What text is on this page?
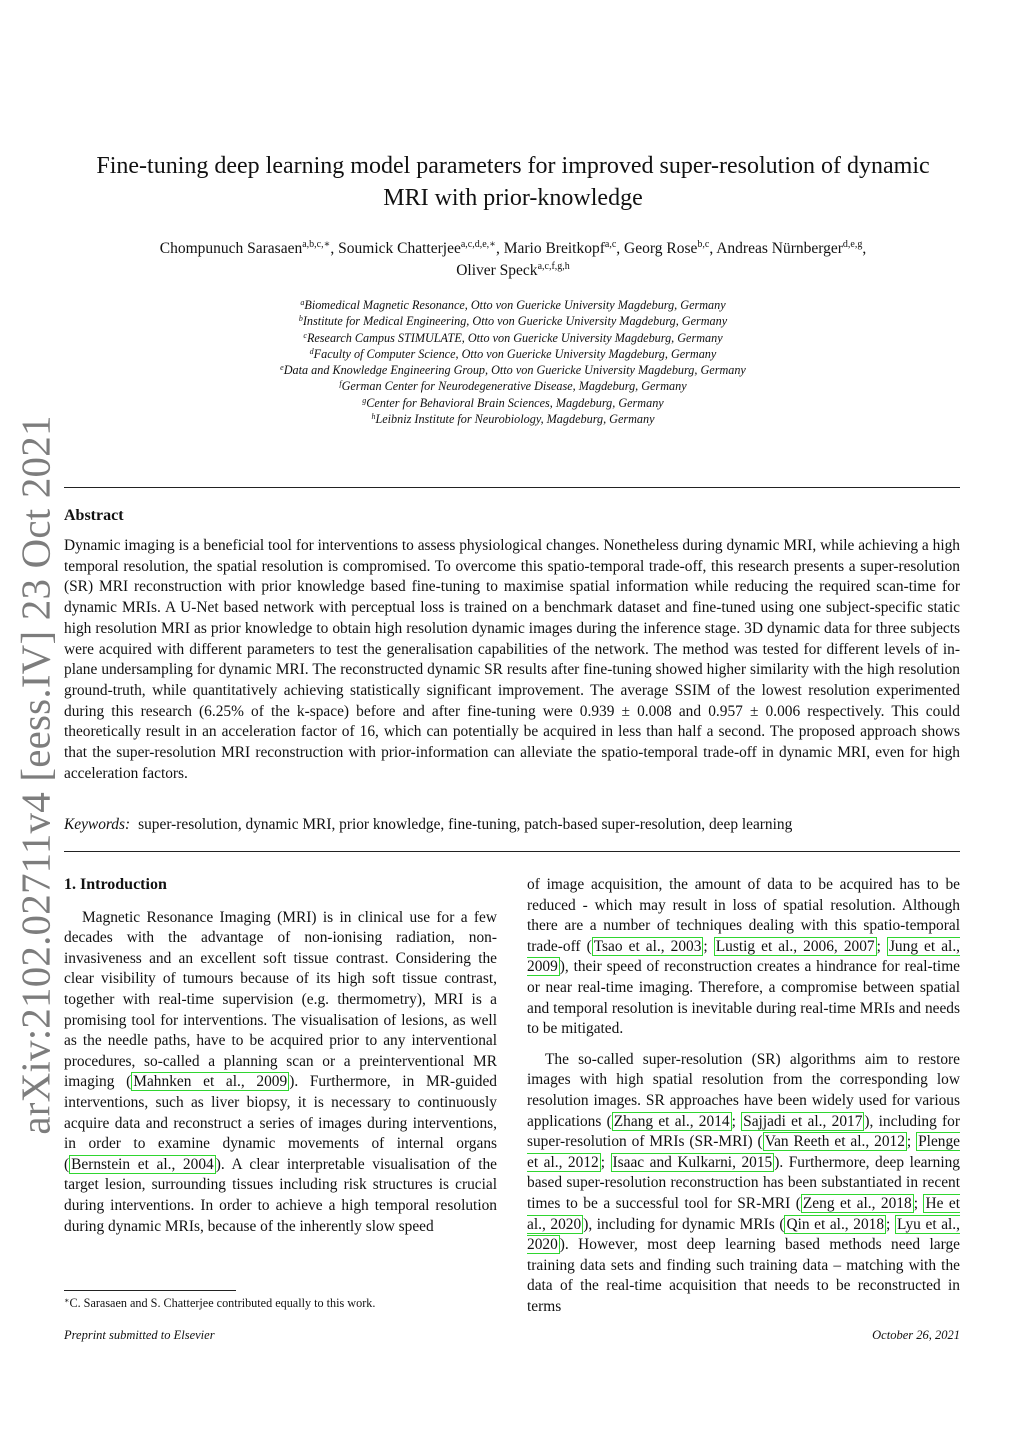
arXiv:2102.02711v4 [eess.IV] 23 Oct 2021
Fine-tuning deep learning model parameters for improved super-resolution of dynamic
MRI with prior-knowledge
Chompunuch Sarasaen$^{a,b,c,∗}$, Soumick Chatterjee$^{a,c,d,e,∗}$, Mario Breitkopf$^{a,c}$, Georg Rose$^{b,c}$, Andreas Nürnberger$^{d,e,g}$,
Oliver Speck$^{a,c,f,g,h}$
$^a$Biomedical Magnetic Resonance, Otto von Guericke University Magdeburg, Germany
$^b$Institute for Medical Engineering, Otto von Guericke University Magdeburg, Germany
$^c$Research Campus STIMULATE, Otto von Guericke University Magdeburg, Germany
$^d$Faculty of Computer Science, Otto von Guericke University Magdeburg, Germany
$^e$Data and Knowledge Engineering Group, Otto von Guericke University Magdeburg, Germany
$^f$German Center for Neurodegenerative Disease, Magdeburg, Germany
$^g$Center for Behavioral Brain Sciences, Magdeburg, Germany
$^h$Leibniz Institute for Neurobiology, Magdeburg, Germany
Abstract
Dynamic imaging is a beneficial tool for interventions to assess physiological changes. Nonetheless during dynamic MRI, while achieving a high temporal resolution, the spatial resolution is compromised. To overcome this spatio-temporal trade-off, this research presents a super-resolution (SR) MRI reconstruction with prior knowledge based fine-tuning to maximise spatial information while reducing the required scan-time for dynamic MRIs. A U-Net based network with perceptual loss is trained on a benchmark dataset and fine-tuned using one subject-specific static high resolution MRI as prior knowledge to obtain high resolution dynamic images during the inference stage. 3D dynamic data for three subjects were acquired with different parameters to test the generalisation capabilities of the network. The method was tested for different levels of in-plane undersampling for dynamic MRI. The reconstructed dynamic SR results after fine-tuning showed higher similarity with the high resolution ground-truth, while quantitatively achieving statistically significant improvement. The average SSIM of the lowest resolution experimented during this research (6.25% of the k-space) before and after fine-tuning were 0.939 ± 0.008 and 0.957 ± 0.006 respectively. This could theoretically result in an acceleration factor of 16, which can potentially be acquired in less than half a second. The proposed approach shows that the super-resolution MRI reconstruction with prior-information can alleviate the spatio-temporal trade-off in dynamic MRI, even for high acceleration factors.
Keywords: super-resolution, dynamic MRI, prior knowledge, fine-tuning, patch-based super-resolution, deep learning
1. Introduction

Magnetic Resonance Imaging (MRI) is in clinical use for a few decades with the advantage of non-ionising radiation, non-invasiveness and an excellent soft tissue contrast. Considering the clear visibility of tumours because of its high soft tissue contrast, together with real-time supervision (e.g. thermometry), MRI is a promising tool for interventions. The visualisation of lesions, as well as the needle paths, have to be acquired prior to any interventional procedures, so-called a planning scan or a preinterventional MR imaging ( Mahnken et al., 2009 ). Furthermore, in MR-guided interventions, such as liver biopsy, it is necessary to continuously acquire data and reconstruct a series of images during interventions, in order to examine dynamic movements of internal organs ( Bernstein et al., 2004 ). A clear interpretable visualisation of the target lesion, surrounding tissues including risk structures is crucial during interventions. In order to achieve a high temporal resolution during dynamic MRIs, because of the inherently slow speed

of image acquisition, the amount of data to be acquired has to be reduced - which may result in loss of spatial resolution. Although there are a number of techniques dealing with this spatio-temporal trade-off ( Tsao et al., 2003 ; Lustig et al., 2006, 2007 ; Jung et al., 2009 ), their speed of reconstruction creates a hindrance for real-time or near real-time imaging. Therefore, a compromise between spatial and temporal resolution is inevitable during real-time MRIs and needs to be mitigated.

The so-called super-resolution (SR) algorithms aim to restore images with high spatial resolution from the corresponding low resolution images. SR approaches have been widely used for various applications ( Zhang et al., 2014 ; Sajjadi et al., 2017 ), including for super-resolution of MRIs (SR-MRI) ( Van Reeth et al., 2012 ; Plenge et al., 2012 ; Isaac and Kulkarni, 2015 ). Furthermore, deep learning based super-resolution reconstruction has been substantiated in recent times to be a successful tool for SR-MRI ( Zeng et al., 2018 ; He et al., 2020 ), including for dynamic MRIs ( Qin et al., 2018 ; Lyu et al., 2020 ). However, most deep learning based methods need large training data sets and finding such training data – matching with the data of the real-time acquisition that needs to be reconstructed in terms

∗C. Sarasaen and S. Chatterjee contributed equally to this work.
Preprint submitted to Elsevier	October 26, 2021
